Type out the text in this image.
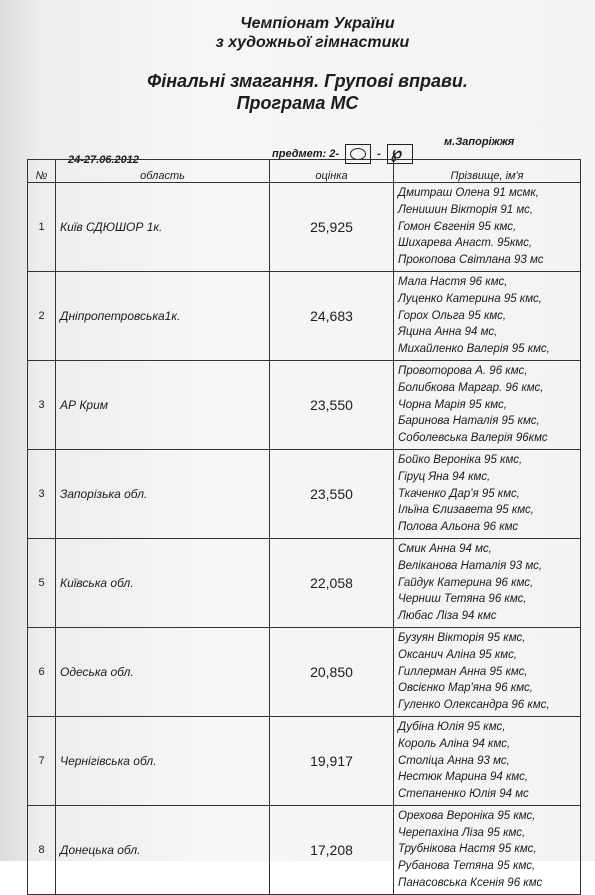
Чемпіонат України
з художньої гімнастики
Фінальні змагання. Групові вправи.
Програма МС
24-27.06.2012
предмет: 2-	- ℘
м.Запоріжжя
№	область	оцінка	Прізвище, ім'я
1	Київ СДЮШОР 1к.	25,925	Дмитраш Олена 91 мсмк,
Ленишин Вікторія 91 мс,
Гомон Євгенія 95 кмс,
Шихарева Анаст. 95кмс,
Прокопова Світлана 93 мс

2	Дніпропетровська1к.	24,683	Мала Настя 96 кмс,
Луценко Катерина 95 кмс,
Горох Ольга 95 кмс,
Яцина Анна 94 мс,
Михайленко Валерія 95 кмс,

3	АР Крим	23,550	Провоторова А. 96 кмс,
Болибкова Маргар. 96 кмс,
Чорна Марія 95 кмс,
Баринова Наталія 95 кмс,
Соболевська Валерія 96кмс

3	Запорізька обл.	23,550	Бойко Вероніка 95 кмс,
Гіруц Яна 94 кмс,
Ткаченко Дар'я 95 кмс,
Ільїна Єлизавета 95 кмс,
Полова Альона 96 кмс

5	Київська обл.	22,058	Смик Анна 94 мс,
Веліканова Наталія 93 мс,
Гайдук Катерина 96 кмс,
Черниш Тетяна 96 кмс,
Любас Ліза 94 кмс

6	Одеська обл.	20,850	Бузуян Вікторія 95 кмс,
Оксанич Аліна 95 кмс,
Гиллерман Анна 95 кмс,
Овсієнко Мар'яна 96 кмс,
Гуленко Олександра 96 кмс,

7	Чернігівська обл.	19,917	Дубіна Юлія 95 кмс,
Король Аліна 94 кмс,
Століца Анна 93 мс,
Нестюк Марина 94 кмс,
Степаненко Юлія 94 мс

8	Донецька обл.	17,208	Орехова Вероніка 95 кмс,
Черепахіна Ліза 95 кмс,
Трубнікова Настя 95 кмс,
Рубанова Тетяна 95 кмс,
Панасовська Ксенія 96 кмс
